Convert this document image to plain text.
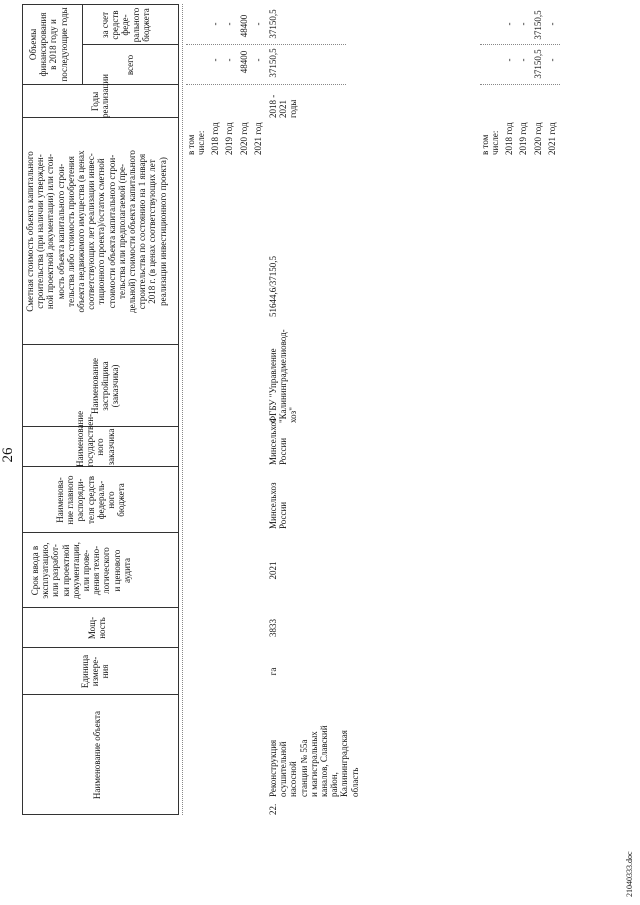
26
Наименование объекта
Единица
измере-
ния
Мощ-
ность
Срок ввода в
эксплуатацию,
или разработ-
ки проектной
документации,
или прове-
дения техно-
логического
и ценового
аудита
Наименова-
ние главного
распоряди-
теля средств
федераль-
ного
бюджета
Наименование
государствен-
ного заказчика
Наименование
застройщика (заказчика)
Сметная стоимость объекта капитального
строительства (при наличии утвержден-
ной проектной документации) или стои-
мость объекта капитального строи-
тельства либо стоимость приобретения
объекта недвижимого имущества (в ценах
соответствующих лет реализации инвес-
тиционного проекта)/остаток сметной
стоимости объекта капитального строи-
тельства или предполагаемой (пре-
дельной) стоимости объекта капитального
строительства по состоянию на 1 января
2018 г. (в ценах соответствующих лет
реализации инвестиционного проекта)
Годы
реализации
Объемы
финансирования
в 2018 году и
последующие годы
всего
за счет
средств
феде-
рального
бюджета
в том
числе: 2018 год 2019 год 2020 год 2021 год
- - 48400 -
- - 48400 -
22.
Реконструкция
осушительной
насосной
станции № 55а
и магистральных
каналов, Славский
район,
Калининградская
область
га
3833
2021
Минсельхоз
России
Минсельхоз
России
ФГБУ "Управление
"Калининградмелиовод-
хоз"
51644,6/37150,5
2018 - 2021
годы
37150,5
37150,5
в том
числе: 2018 год 2019 год 2020 год 2021 год
- - 37150,5 -
- - 37150,5 -
21040333.doc
